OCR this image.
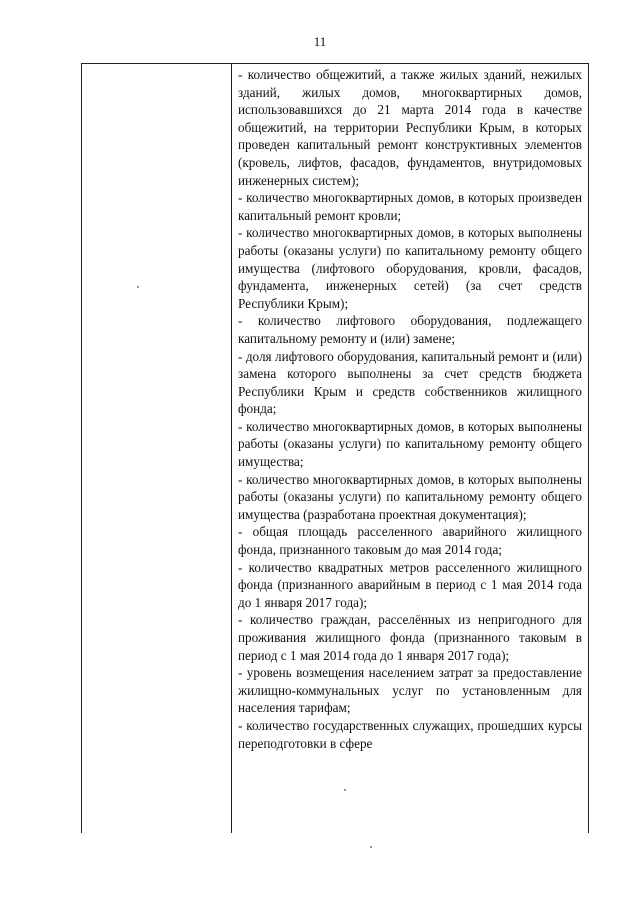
11

- количество общежитий, а также жилых зданий, нежилых зданий, жилых домов, многоквартирных домов, использовавшихся до 21 марта 2014 года в качестве общежитий, на территории Республики Крым, в которых проведен капитальный ремонт конструктивных элементов (кровель, лифтов, фасадов, фундаментов, внутридомовых инженерных систем);

- количество многоквартирных домов, в которых произведен капитальный ремонт кровли;

- количество многоквартирных домов, в которых выполнены работы (оказаны услуги) по капитальному ремонту общего имущества (лифтового оборудования, кровли, фасадов, фундамента, инженерных сетей) (за счет средств Республики Крым);

- количество лифтового оборудования, подлежащего капитальному ремонту и (или) замене;

- доля лифтового оборудования, капитальный ремонт и (или) замена которого выполнены за счет средств бюджета Республики Крым и средств собственников жилищного фонда;

- количество многоквартирных домов, в которых выполнены работы (оказаны услуги) по капитальному ремонту общего имущества;

- количество многоквартирных домов, в которых выполнены работы (оказаны услуги) по капитальному ремонту общего имущества (разработана проектная документация);

- общая площадь расселенного аварийного жилищного фонда, признанного таковым до мая 2014 года;

- количество квадратных метров расселенного жилищного фонда (признанного аварийным в период с 1 мая 2014 года до 1 января 2017 года);

- количество граждан, расселённых из непригодного для проживания жилищного фонда (признанного таковым в период с 1 мая 2014 года до 1 января 2017 года);

- уровень возмещения населением затрат за предоставление жилищно-коммунальных услуг по установленным для населения тарифам;

- количество государственных служащих, прошедших курсы переподготовки в сфере
